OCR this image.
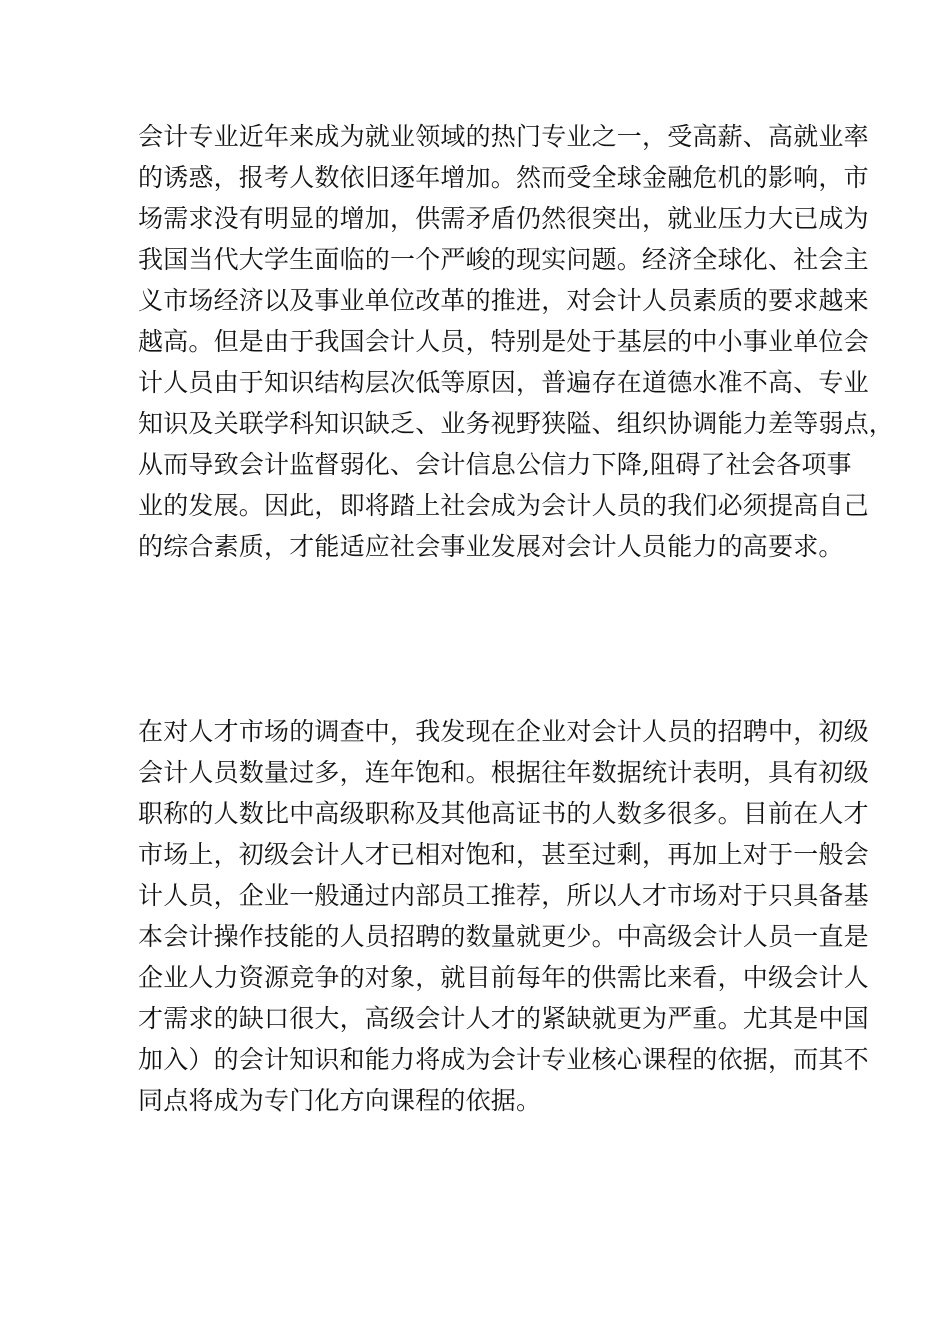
会计专业近年来成为就业领域的热门专业之一，受高薪、高就业率
的诱惑，报考人数依旧逐年增加。然而受全球金融危机的影响，市
场需求没有明显的增加，供需矛盾仍然很突出，就业压力大已成为
我国当代大学生面临的一个严峻的现实问题。经济全球化、社会主
义市场经济以及事业单位改革的推进，对会计人员素质的要求越来
越高。但是由于我国会计人员，特别是处于基层的中小事业单位会
计人员由于知识结构层次低等原因，普遍存在道德水准不高、专业
知识及关联学科知识缺乏、业务视野狭隘、组织协调能力差等弱点，
从而导致会计监督弱化、会计信息公信力下降,阻碍了社会各项事
业的发展。因此，即将踏上社会成为会计人员的我们必须提高自己
的综合素质，才能适应社会事业发展对会计人员能力的高要求。
在对人才市场的调查中，我发现在企业对会计人员的招聘中，初级
会计人员数量过多，连年饱和。根据往年数据统计表明，具有初级
职称的人数比中高级职称及其他高证书的人数多很多。目前在人才
市场上，初级会计人才已相对饱和，甚至过剩，再加上对于一般会
计人员，企业一般通过内部员工推荐，所以人才市场对于只具备基
本会计操作技能的人员招聘的数量就更少。中高级会计人员一直是
企业人力资源竞争的对象，就目前每年的供需比来看，中级会计人
才需求的缺口很大，高级会计人才的紧缺就更为严重。尤其是中国
加入）的会计知识和能力将成为会计专业核心课程的依据，而其不
同点将成为专门化方向课程的依据。
